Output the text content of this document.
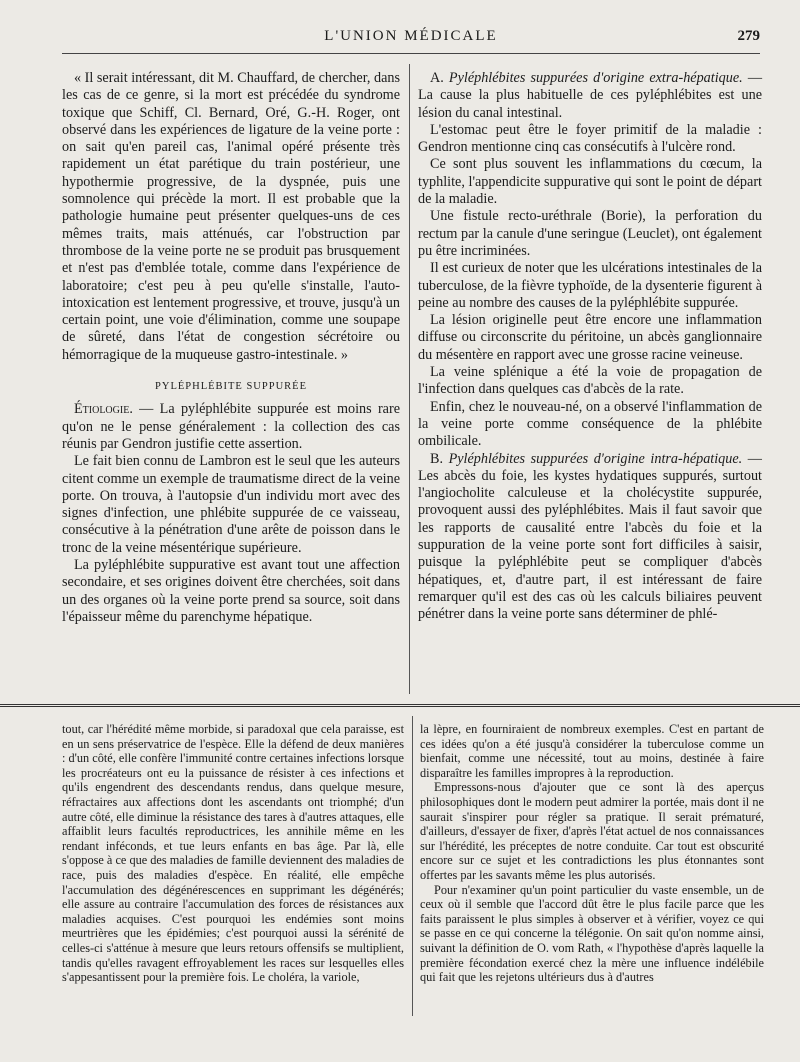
L'UNION MÉDICALE	279

« Il serait intéressant, dit M. Chauffard, de chercher, dans les cas de ce genre, si la mort est précédée du syndrome toxique que Schiff, Cl. Bernard, Oré, G.-H. Roger, ont observé dans les expériences de ligature de la veine porte : on sait qu'en pareil cas, l'animal opéré présente très rapidement un état parétique du train postérieur, une hypothermie progressive, de la dyspnée, puis une somnolence qui précède la mort. Il est probable que la pathologie humaine peut présenter quelques-uns de ces mêmes traits, mais atténués, car l'obstruction par thrombose de la veine porte ne se produit pas brusquement et n'est pas d'emblée totale, comme dans l'expérience de laboratoire; c'est peu à peu qu'elle s'installe, l'auto-intoxication est lentement progressive, et trouve, jusqu'à un certain point, une voie d'élimination, comme une soupape de sûreté, dans l'état de congestion sécrétoire ou hémorragique de la muqueuse gastro-intestinale. »

PYLÉPHLÉBITE SUPPURÉE

Étiologie. — La pyléphlébite suppurée est moins rare qu'on ne le pense généralement : la collection des cas réunis par Gendron justifie cette assertion.

Le fait bien connu de Lambron est le seul que les auteurs citent comme un exemple de traumatisme direct de la veine porte. On trouva, à l'autopsie d'un individu mort avec des signes d'infection, une phlébite suppurée de ce vaisseau, consécutive à la pénétration d'une arête de poisson dans le tronc de la veine mésentérique supérieure.

La pyléphlébite suppurative est avant tout une affection secondaire, et ses origines doivent être cherchées, soit dans un des organes où la veine porte prend sa source, soit dans l'épaisseur même du parenchyme hépatique.

A. Pyléphlébites suppurées d'origine extra-hépatique. — La cause la plus habituelle de ces pyléphlébites est une lésion du canal intestinal.

L'estomac peut être le foyer primitif de la maladie : Gendron mentionne cinq cas consécutifs à l'ulcère rond.

Ce sont plus souvent les inflammations du cœcum, la typhlite, l'appendicite suppurative qui sont le point de départ de la maladie.

Une fistule recto-uréthrale (Borie), la perforation du rectum par la canule d'une seringue (Leuclet), ont également pu être incriminées.

Il est curieux de noter que les ulcérations intestinales de la tuberculose, de la fièvre typhoïde, de la dysenterie figurent à peine au nombre des causes de la pyléphlébite suppurée.

La lésion originelle peut être encore une inflammation diffuse ou circonscrite du péritoine, un abcès ganglionnaire du mésentère en rapport avec une grosse racine veineuse.

La veine splénique a été la voie de propagation de l'infection dans quelques cas d'abcès de la rate.

Enfin, chez le nouveau-né, on a observé l'inflammation de la veine porte comme conséquence de la phlébite ombilicale.

B. Pyléphlébites suppurées d'origine intra-hépatique. — Les abcès du foie, les kystes hydatiques suppurés, surtout l'angiocholite calculeuse et la cholécystite suppurée, provoquent aussi des pyléphlébites. Mais il faut savoir que les rapports de causalité entre l'abcès du foie et la suppuration de la veine porte sont fort difficiles à saisir, puisque la pyléphlébite peut se compliquer d'abcès hépatiques, et, d'autre part, il est intéressant de faire remarquer qu'il est des cas où les calculs biliaires peuvent pénétrer dans la veine porte sans déterminer de phlé-

tout, car l'hérédité même morbide, si paradoxal que cela paraisse, est en un sens préservatrice de l'espèce. Elle la défend de deux manières : d'un côté, elle confère l'immunité contre certaines infections lorsque les procréateurs ont eu la puissance de résister à ces infections et qu'ils engendrent des descendants rendus, dans quelque mesure, réfractaires aux affections dont les ascendants ont triomphé; d'un autre côté, elle diminue la résistance des tares à d'autres attaques, elle affaiblit leurs facultés reproductrices, les annihile même en les rendant inféconds, et tue leurs enfants en bas âge. Par là, elle s'oppose à ce que des maladies de famille deviennent des maladies de race, puis des maladies d'espèce. En réalité, elle empêche l'accumulation des dégénérescences en supprimant les dégénérés; elle assure au contraire l'accumulation des forces de résistances aux maladies acquises. C'est pourquoi les endémies sont moins meurtrières que les épidémies; c'est pourquoi aussi la sérénité de celles-ci s'atténue à mesure que leurs retours offensifs se multiplient, tandis qu'elles ravagent effroyablement les races sur lesquelles elles s'appesantissent pour la première fois. Le choléra, la variole,

la lèpre, en fourniraient de nombreux exemples. C'est en partant de ces idées qu'on a été jusqu'à considérer la tuberculose comme un bienfait, comme une nécessité, tout au moins, destinée à faire disparaître les familles impropres à la reproduction.

Empressons-nous d'ajouter que ce sont là des aperçus philosophiques dont le modern peut admirer la portée, mais dont il ne saurait s'inspirer pour régler sa pratique. Il serait prématuré, d'ailleurs, d'essayer de fixer, d'après l'état actuel de nos connaissances sur l'hérédité, les préceptes de notre conduite. Car tout est obscurité encore sur ce sujet et les contradictions les plus étonnantes sont offertes par les savants même les plus autorisés.

Pour n'examiner qu'un point particulier du vaste ensemble, un de ceux où il semble que l'accord dût être le plus facile parce que les faits paraissent le plus simples à observer et à vérifier, voyez ce qui se passe en ce qui concerne la télégonie. On sait qu'on nomme ainsi, suivant la définition de O. vom Rath, « l'hypothèse d'après laquelle la première fécondation exercé chez la mère une influence indélébile qui fait que les rejetons ultérieurs dus à d'autres
